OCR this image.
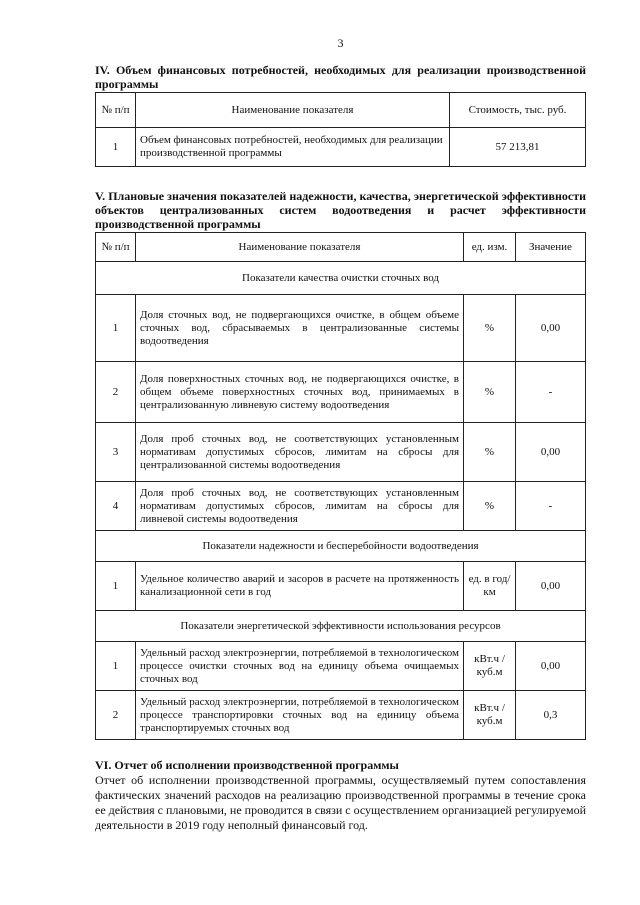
3
IV. Объем финансовых потребностей, необходимых для реализации производственной программы
№ п/п	Наименование показателя	Стоимость, тыс. руб.
1	Объем финансовых потребностей, необходимых для реализации производственной программы	57 213,81
V. Плановые значения показателей надежности, качества, энергетической эффективности объектов централизованных систем водоотведения и расчет эффективности производственной программы
№ п/п	Наименование показателя	ед. изм.	Значение
Показатели качества очистки сточных вод			
1	Доля сточных вод, не подвергающихся очистке, в общем объеме сточных вод, сбрасываемых в централизованные системы водоотведения	%	0,00
2	Доля поверхностных сточных вод, не подвергающихся очистке, в общем объеме поверхностных сточных вод, принимаемых в централизованную ливневую систему водоотведения	%	-
3	Доля проб сточных вод, не соответствующих установленным нормативам допустимых сбросов, лимитам на сбросы для централизованной системы водоотведения	%	0,00
4	Доля проб сточных вод, не соответствующих установленным нормативам допустимых сбросов, лимитам на сбросы для ливневой системы водоотведения	%	-
Показатели надежности и бесперебойности водоотведения			
1	Удельное количество аварий и засоров в расчете на протяженность канализационной сети в год	ед. в год/ км	0,00
Показатели энергетической эффективности использования ресурсов			
1	Удельный расход электроэнергии, потребляемой в технологическом процессе очистки сточных вод на единицу объема очищаемых сточных вод	кВт.ч / куб.м	0,00
2	Удельный расход электроэнергии, потребляемой в технологическом процессе транспортировки сточных вод на единицу объема транспортируемых сточных вод	кВт.ч / куб.м	0,3
VI. Отчет об исполнении производственной программы
Отчет об исполнении производственной программы, осуществляемый путем сопоставления фактических значений расходов на реализацию производственной программы в течение срока ее действия с плановыми, не проводится в связи с осуществлением организацией регулируемой деятельности в 2019 году неполный финансовый год.
